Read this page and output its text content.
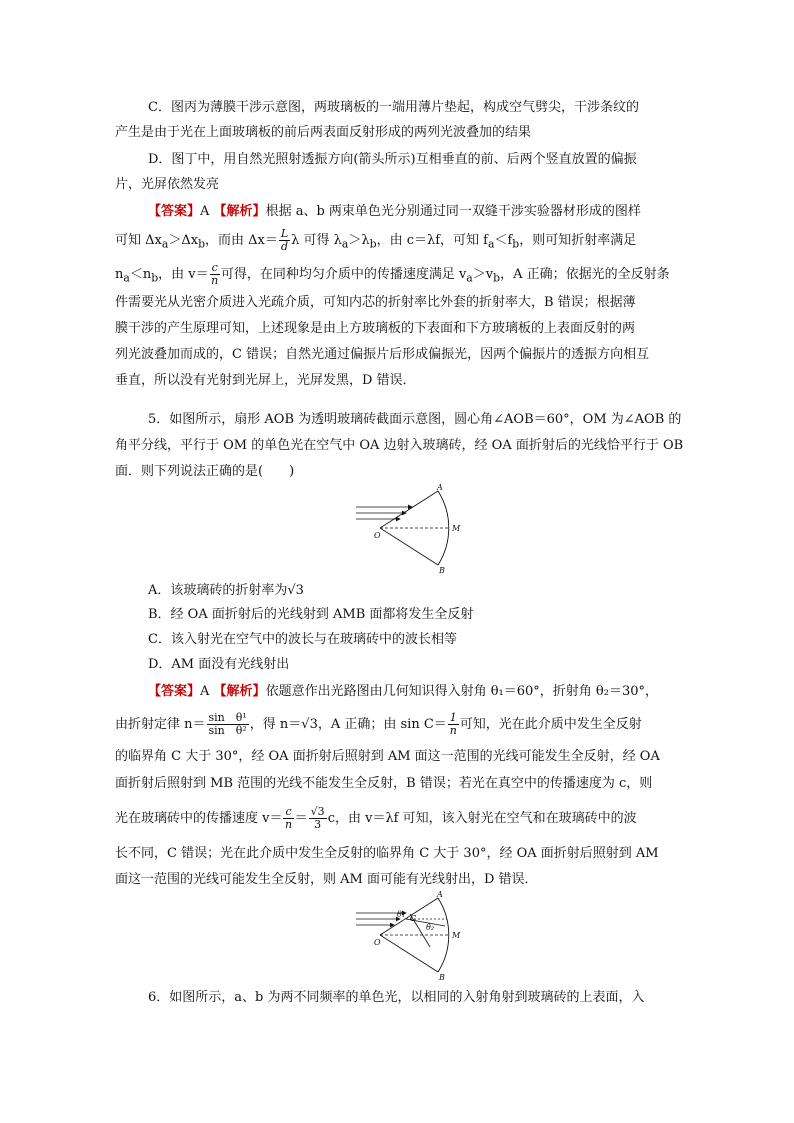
C．图丙为薄膜干涉示意图，两玻璃板的一端用薄片垫起，构成空气劈尖，干涉条纹的
产生是由于光在上面玻璃板的前后两表面反射形成的两列光波叠加的结果
D．图丁中，用自然光照射透振方向(箭头所示)互相垂直的前、后两个竖直放置的偏振
片，光屏依然发亮
【答案】A 【解析】根据 a、b 两束单色光分别通过同一双缝干涉实验器材形成的图样
可知 $\Delta x_a>\Delta x_b$，而由 $\Delta x= \frac{L}{d}$ λ 可得 $\lambda_a>\lambda_b$，由 c＝λf，可知 $f_a<f_b$，则可知折射率满足
$n_a<n_b$，由 $v= \frac{c}{n}$ 可得，在同种均匀介质中的传播速度满足 $v_a>v_b$，A 正确；依据光的全反射条
件需要光从光密介质进入光疏介质，可知内芯的折射率比外套的折射率大，B 错误；根据薄
膜干涉的产生原理可知，上述现象是由上方玻璃板的下表面和下方玻璃板的上表面反射的两
列光波叠加而成的，C 错误；自然光通过偏振片后形成偏振光，因两个偏振片的透振方向相互
垂直，所以没有光射到光屏上，光屏发黑，D 错误．
5．如图所示，扇形 AOB 为透明玻璃砖截面示意图，圆心角∠AOB＝60°，OM 为∠AOB 的
角平分线，平行于 OM 的单色光在空气中 OA 边射入玻璃砖，经 OA 面折射后的光线恰平行于 OB
面．则下列说法正确的是(　　)
A
B
M
O
A．该玻璃砖的折射率为√3
B．经 OA 面折射后的光线射到 AMB 面都将发生全反射
C．该入射光在空气中的波长与在玻璃砖中的波长相等
D．AM 面没有光线射出
【答案】A 【解析】依题意作出光路图由几何知识得入射角 θ₁＝60°，折射角 θ₂＝30°，
由折射定律 $n= \frac{\text{sin　θ¹}}{\text{sin　θ²}}$ ，得 n＝√3，A 正确；由 $\sin C= \frac{1}{n}$ 可知，光在此介质中发生全反射
的临界角 C 大于 30°，经 OA 面折射后照射到 AM 面这一范围的光线可能发生全反射，经 OA
面折射后照射到 MB 范围的光线不能发生全反射，B 错误；若光在真空中的传播速度为 c，则
光在玻璃砖中的传播速度 $v= \frac{c}{n} = \frac{√3}{3}$ c，由 v＝λf 可知，该入射光在空气和在玻璃砖中的波
长不同，C 错误；光在此介质中发生全反射的临界角 C 大于 30°，经 OA 面折射后照射到 AM
面这一范围的光线可能发生全反射，则 AM 面可能有光线射出，D 错误．
θ₁ C
θ₂
A
B
M
O
6．如图所示，a、b 为两不同频率的单色光，以相同的入射角射到玻璃砖的上表面，入
